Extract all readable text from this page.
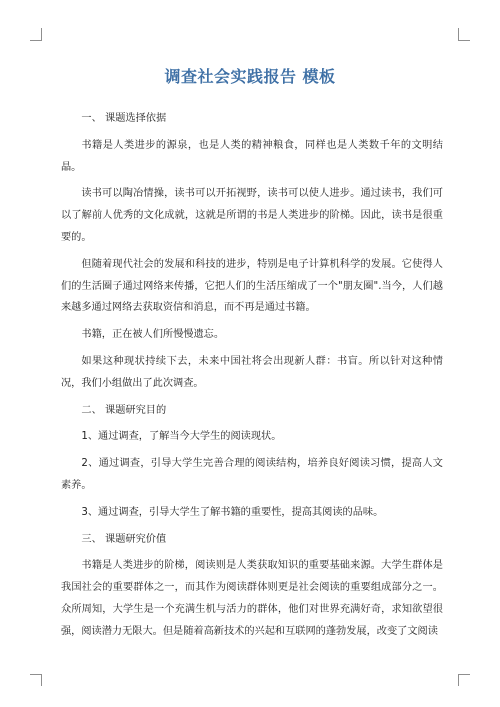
调查社会实践报告 模板

一、 课题选择依据

书籍是人类进步的源泉，也是人类的精神粮食，同样也是人类数千年的文明结晶。

读书可以陶冶情操，读书可以开拓视野，读书可以使人进步。通过读书，我们可以了解前人优秀的文化成就，这就是所谓的书是人类进步的阶梯。因此，读书是很重要的。

但随着现代社会的发展和科技的进步，特别是电子计算机科学的发展。它使得人们的生活圈子通过网络来传播，它把人们的生活压缩成了一个"朋友圈".当今，人们越来越多通过网络去获取资信和消息，而不再是通过书籍。

书籍，正在被人们所慢慢遗忘。

如果这种现状持续下去，未来中国社将会出现新人群：书盲。所以针对这种情况，我们小组做出了此次调查。

二、 课题研究目的

1、通过调查，了解当今大学生的阅读现状。

2、通过调查，引导大学生完善合理的阅读结构，培养良好阅读习惯，提高人文素养。

3、通过调查，引导大学生了解书籍的重要性，提高其阅读的品味。

三、 课题研究价值

书籍是人类进步的阶梯，阅读则是人类获取知识的重要基础来源。大学生群体是我国社会的重要群体之一，而其作为阅读群体则更是社会阅读的重要组成部分之一。众所周知，大学生是一个充满生机与活力的群体，他们对世界充满好奇，求知欲望很强，阅读潜力无限大。但是随着高新技术的兴起和互联网的蓬勃发展，改变了文阅读
